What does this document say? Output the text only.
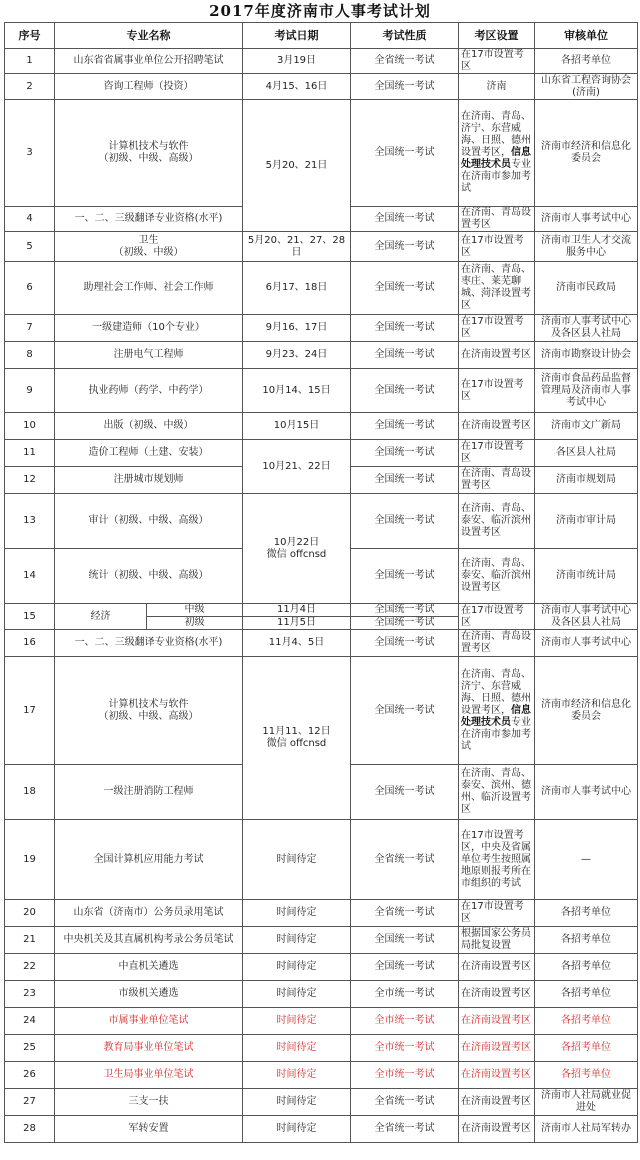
2017年度济南市人事考试计划
序号	专业名称		考试日期	考试性质	考区设置	审核单位
1	山东省省属事业单位公开招聘笔试		3月19日	全省统一考试	在17市设置考区	各招考单位
2	咨询工程师（投资）		4月15、16日	全国统一考试	济南	山东省工程咨询协会(济南)
3	计算机技术与软件
（初级、中级、高级）		5月20、21日	全国统一考试	在济南、青岛、济宁、东营威海、日照、德州设置考区，信息处理技术员专业在济南市参加考试	济南市经济和信息化委员会
4	一、二、三级翻译专业资格(水平)			全国统一考试	在济南、青岛设置考区	济南市人事考试中心
5	卫生
（初级、中级）		5月20、21、27、28日	全国统一考试	在17市设置考区	济南市卫生人才交流服务中心
6	助理社会工作师、社会工作师		6月17、18日	全国统一考试	在济南、青岛、枣庄、莱芜聊城、菏泽设置考区	济南市民政局
7	一级建造师（10个专业）		9月16、17日	全国统一考试	在17市设置考区	济南市人事考试中心及各区县人社局
8	注册电气工程师		9月23、24日	全国统一考试	在济南设置考区	济南市勘察设计协会
9	执业药师（药学、中药学）		10月14、15日	全国统一考试	在17市设置考区	济南市食品药品监督管理局及济南市人事考试中心
10	出版（初级、中级）		10月15日	全国统一考试	在济南设置考区	济南市文广新局
11	造价工程师（土建、安装）		10月21、22日	全国统一考试	在17市设置考区	各区县人社局
12	注册城市规划师			全国统一考试	在济南、青岛设置考区	济南市规划局
13	审计（初级、中级、高级）		10月22日
微信 offcnsd	全国统一考试	在济南、青岛、泰安、临沂滨州设置考区	济南市审计局
14	统计（初级、中级、高级）			全国统一考试	在济南、青岛、泰安、临沂滨州设置考区	济南市统计局
15	经济	中级	11月4日	全国统一考试	在17市设置考区	济南市人事考试中心及各区县人社局
		初级	11月5日	全国统一考试		
16	一、二、三级翻译专业资格(水平)		11月4、5日	全国统一考试	在济南、青岛设置考区	济南市人事考试中心
17	计算机技术与软件
（初级、中级、高级）		11月11、12日
微信 offcnsd	全国统一考试	在济南、青岛、济宁、东营威海、日照、德州设置考区，信息处理技术员专业在济南市参加考试	济南市经济和信息化委员会
18	一级注册消防工程师			全国统一考试	在济南、青岛、泰安、滨州、德州、临沂设置考区	济南市人事考试中心
19	全国计算机应用能力考试		时间待定	全省统一考试	在17市设置考区，中央及省属单位考生按照属地原则报考所在市组织的考试	—
20	山东省（济南市）公务员录用笔试		时间待定	全省统一考试	在17市设置考区	各招考单位
21	中央机关及其直属机构考录公务员笔试		时间待定	全国统一考试	根据国家公务员局批复设置	各招考单位
22	中直机关遴选		时间待定	全国统一考试	在济南设置考区	各招考单位
23	市级机关遴选		时间待定	全市统一考试	在济南设置考区	各招考单位
24	市属事业单位笔试		时间待定	全市统一考试	在济南设置考区	各招考单位
25	教育局事业单位笔试		时间待定	全市统一考试	在济南设置考区	各招考单位
26	卫生局事业单位笔试		时间待定	全市统一考试	在济南设置考区	各招考单位
27	三支一扶		时间待定	全省统一考试	在济南设置考区	济南市人社局就业促进处
28	军转安置		时间待定	全省统一考试	在济南设置考区	济南市人社局军转办
